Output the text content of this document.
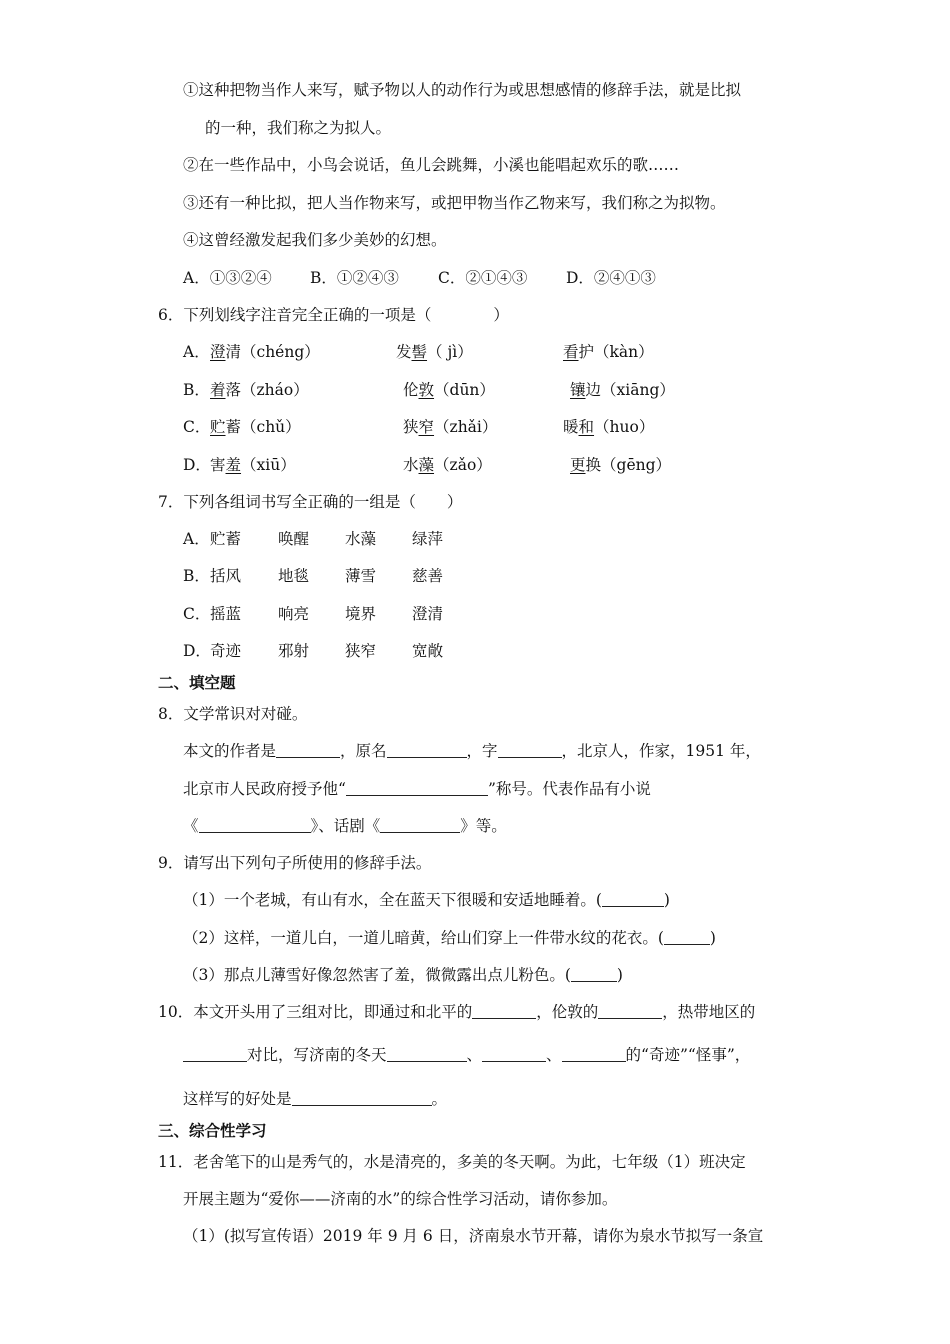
①这种把物当作人来写，赋予物以人的动作行为或思想感情的修辞手法，就是比拟
的一种，我们称之为拟人。
②在一些作品中，小鸟会说话，鱼儿会跳舞，小溪也能唱起欢乐的歌……
③还有一种比拟，把人当作物来写，或把甲物当作乙物来写，我们称之为拟物。
④这曾经激发起我们多少美妙的幻想。
A．①③②④ B．①②④③	C．②①④③ D．②④①③
6．下列划线字注音完全正确的一项是（　　　　）
A． 澄清（chéng）	发髻（ jì）	看护（kàn）
B． 着落（zháo）	伦敦（dūn）	镶边（xiāng）
C． 贮蓄（chǔ）	狭窄（zhǎi）	暖和（huo）
D． 害羞（xiū）	水藻（zǎo）	更换（gēng）
7．下列各组词书写全正确的一组是（　　）
A． 贮蓄 唤醒 水藻 绿萍
B． 括风 地毯 薄雪 慈善
C． 摇蓝 响亮 境界 澄清
D． 奇迹 邪射 狭窄 宽敞
二、填空题
8．文学常识对对碰。
本文的作者是	，原名	，字	，北京人，作家，1951 年，
北京市人民政府授予他“	”称号。代表作品有小说
《	》、话剧《	》等。
9．请写出下列句子所使用的修辞手法。
（1）一个老城，有山有水，全在蓝天下很暖和安适地睡着。(	)
（2）这样，一道儿白，一道儿暗黄，给山们穿上一件带水纹的花衣。(	)
（3）那点儿薄雪好像忽然害了羞，微微露出点儿粉色。(	)
10．本文开头用了三组对比，即通过和北平的	，伦敦的	，热带地区的
对比，写济南的冬天	、	、	的“奇迹”“怪事”，
这样写的好处是	。
三、综合性学习
11．老舍笔下的山是秀气的，水是清亮的，多美的冬天啊。为此，七年级（1）班决定
开展主题为“爱你——济南的水”的综合性学习活动，请你参加。
（1）(拟写宣传语）2019 年 9 月 6 日，济南泉水节开幕，请你为泉水节拟写一条宣
